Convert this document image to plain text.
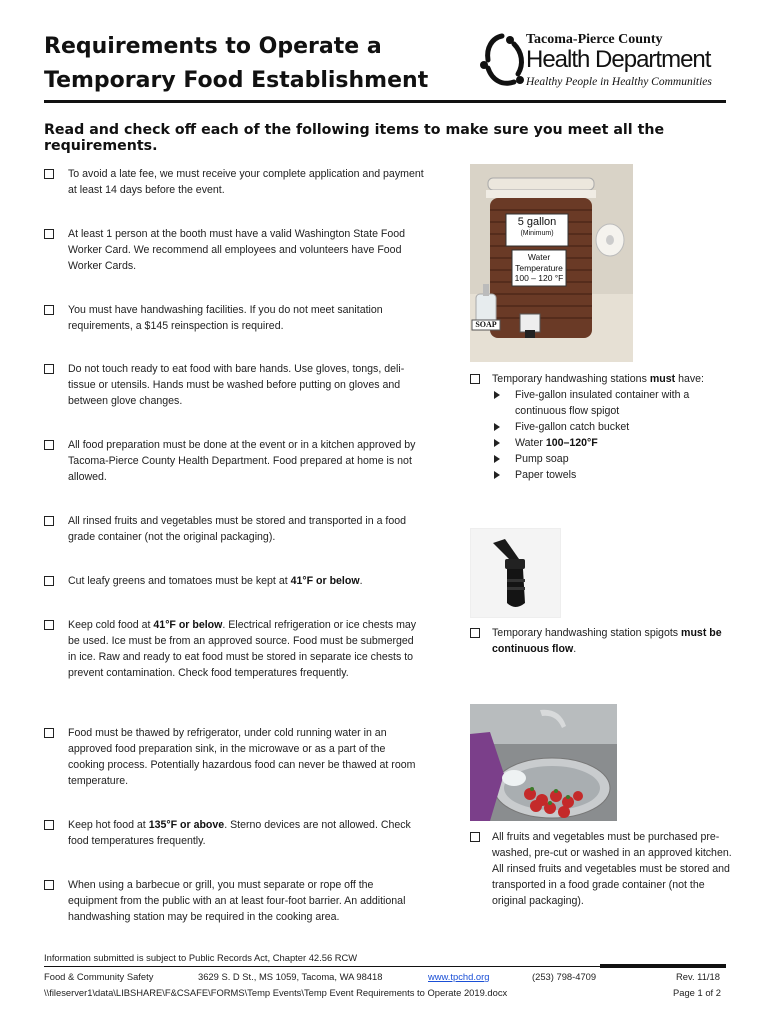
Requirements to Operate a
Temporary Food Establishment
Tacoma-Pierce County
Health Department
Healthy People in Healthy Communities
Read and check off each of the following items to make sure you meet all the requirements.
To avoid a late fee, we must receive your complete application and payment at least 14 days before the event.
At least 1 person at the booth must have a valid Washington State Food Worker Card. We recommend all employees and volunteers have Food Worker Cards.
You must have handwashing facilities. If you do not meet sanitation requirements, a $145 reinspection is required.
Do not touch ready to eat food with bare hands. Use gloves, tongs, deli-tissue or utensils. Hands must be washed before putting on gloves and between glove changes.
All food preparation must be done at the event or in a kitchen approved by Tacoma-Pierce County Health Department. Food prepared at home is not allowed.
All rinsed fruits and vegetables must be stored and transported in a food grade container (not the original packaging).
Cut leafy greens and tomatoes must be kept at 41°F or below.
Keep cold food at 41°F or below. Electrical refrigeration or ice chests may be used. Ice must be from an approved source. Food must be submerged in ice. Raw and ready to eat food must be stored in separate ice chests to prevent contamination. Check food temperatures frequently.
Food must be thawed by refrigerator, under cold running water in an approved food preparation sink, in the microwave or as a part of the cooking process. Potentially hazardous food can never be thawed at room temperature.
Keep hot food at 135°F or above. Sterno devices are not allowed. Check food temperatures frequently.
When using a barbecue or grill, you must separate or rope off the equipment from the public with an at least four-foot barrier. An additional handwashing station may be required in the cooking area.
5 gallon
(Minimum)
Water
Temperature
100 – 120 °F
SOAP
Temporary handwashing stations must have:
Five-gallon insulated container with a continuous flow spigot
Five-gallon catch bucket
Water 100–120°F
Pump soap
Paper towels
Temporary handwashing station spigots must be continuous flow.
All fruits and vegetables must be purchased pre-washed, pre-cut or washed in an approved kitchen. All rinsed fruits and vegetables must be stored and transported in a food grade container (not the original packaging).
Information submitted is subject to Public Records Act, Chapter 42.56 RCW
Food & Community Safety	3629 S. D St., MS 1059, Tacoma, WA 98418	www.tpchd.org	(253) 798-4709	Rev. 11/18
\\fileserver1\data\LIBSHARE\F&CSAFE\FORMS\Temp Events\Temp Event Requirements to Operate 2019.docx	Page 1 of 2
